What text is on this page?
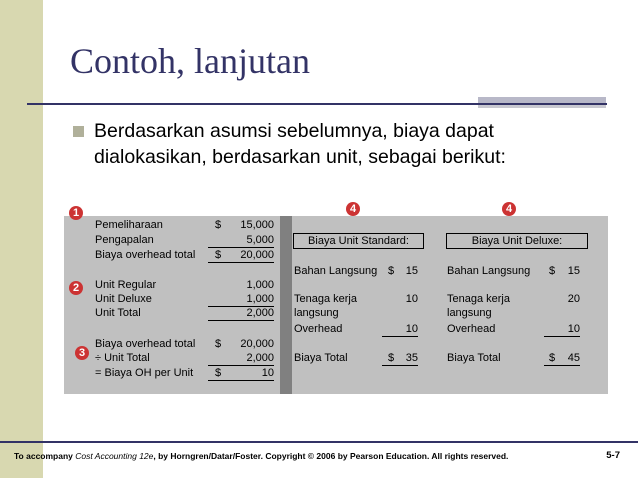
Contoh, lanjutan
Berdasarkan asumsi sebelumnya, biaya dapat dialokasikan, berdasarkan unit, sebagai berikut:
1
2
3
4	4
Pemeliharaan	$	15,000
Pengapalan	5,000
Biaya overhead total $	20,000
Unit Regular	1,000
Unit Deluxe	1,000
Unit Total	2,000
Biaya overhead total $	20,000
÷ Unit Total	2,000
= Biaya OH per Unit $	10
Biaya Unit Standard:
Bahan Langsung $	15
Tenaga kerja
langsung
10
Overhead	10
Biaya Total	$	35
Biaya Unit Deluxe:
Bahan Langsung $	15
Tenaga kerja
langsung
20
Overhead	10
Biaya Total	$	45
To accompany Cost Accounting 12e, by Horngren/Datar/Foster. Copyright © 2006 by Pearson Education. All rights reserved.	5-7
